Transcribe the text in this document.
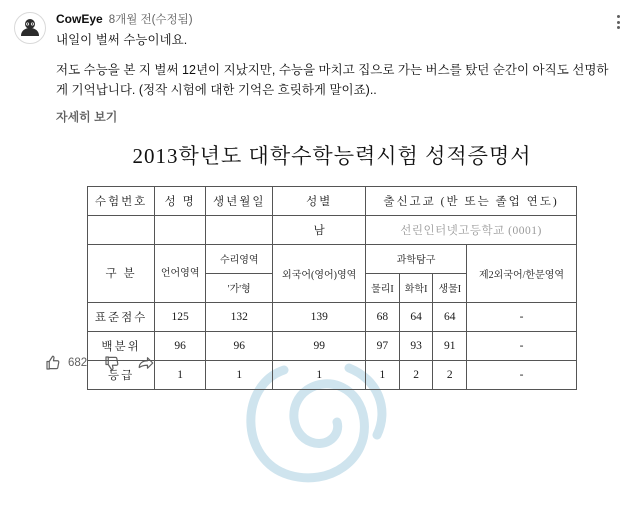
CowEye 8개월 전(수정됨)

내일이 벌써 수능이네요.

저도 수능을 본 지 벌써 12년이 지났지만, 수능을 마치고 집으로 가는 버스를 탔던 순간이 아직도 선명하게 기억납니다. (정작 시험에 대한 기억은 흐릿하게 말이죠)..

자세히 보기
2013학년도 대학수학능력시험 성적증명서
수험번호	성 명	생년월일	성별	출신고교 (반 또는 졸업 연도)			
			남	선린인터넷고등학교 (0001)			
구 분	언어영역	수리영역	외국어(영어)영역	과학탐구			제2외국어/한문영역
		'가'형		물리I	화학I	생물I	
표준점수	125	132	139	68	64	64	-
백분위	96	96	99	97	93	91	-
등급	1	1	1	1	2	2	-
682
